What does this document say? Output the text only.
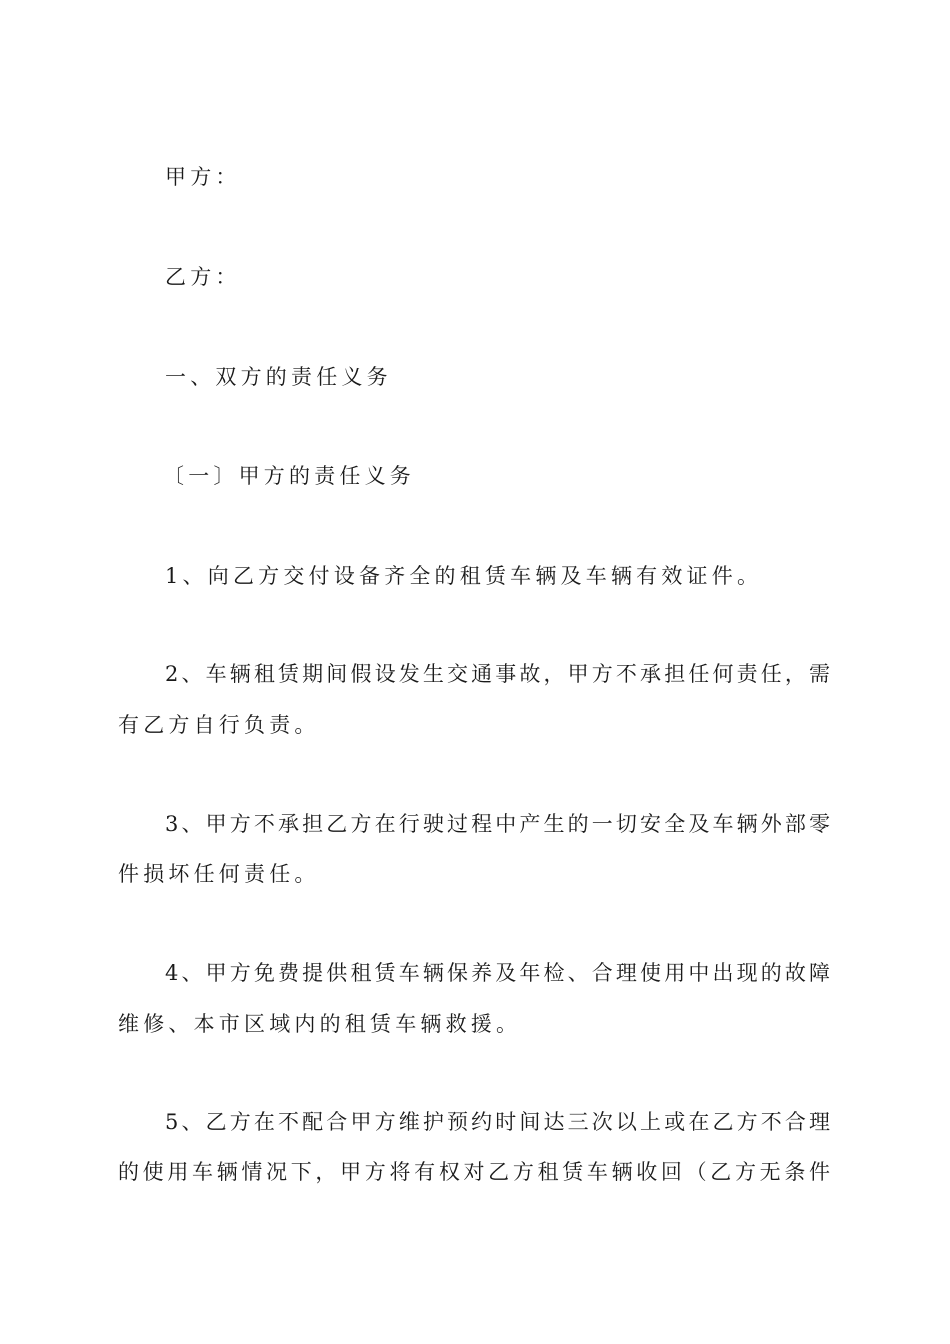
甲方：
乙方：
一、双方的责任义务
〔一〕甲方的责任义务
1、向乙方交付设备齐全的租赁车辆及车辆有效证件。
2、车辆租赁期间假设发生交通事故，甲方不承担任何责任，需
有乙方自行负责。
3、甲方不承担乙方在行驶过程中产生的一切安全及车辆外部零
件损坏任何责任。
4、甲方免费提供租赁车辆保养及年检、合理使用中出现的故障
维修、本市区域内的租赁车辆救援。
5、乙方在不配合甲方维护预约时间达三次以上或在乙方不合理
的使用车辆情况下，甲方将有权对乙方租赁车辆收回（乙方无条件
